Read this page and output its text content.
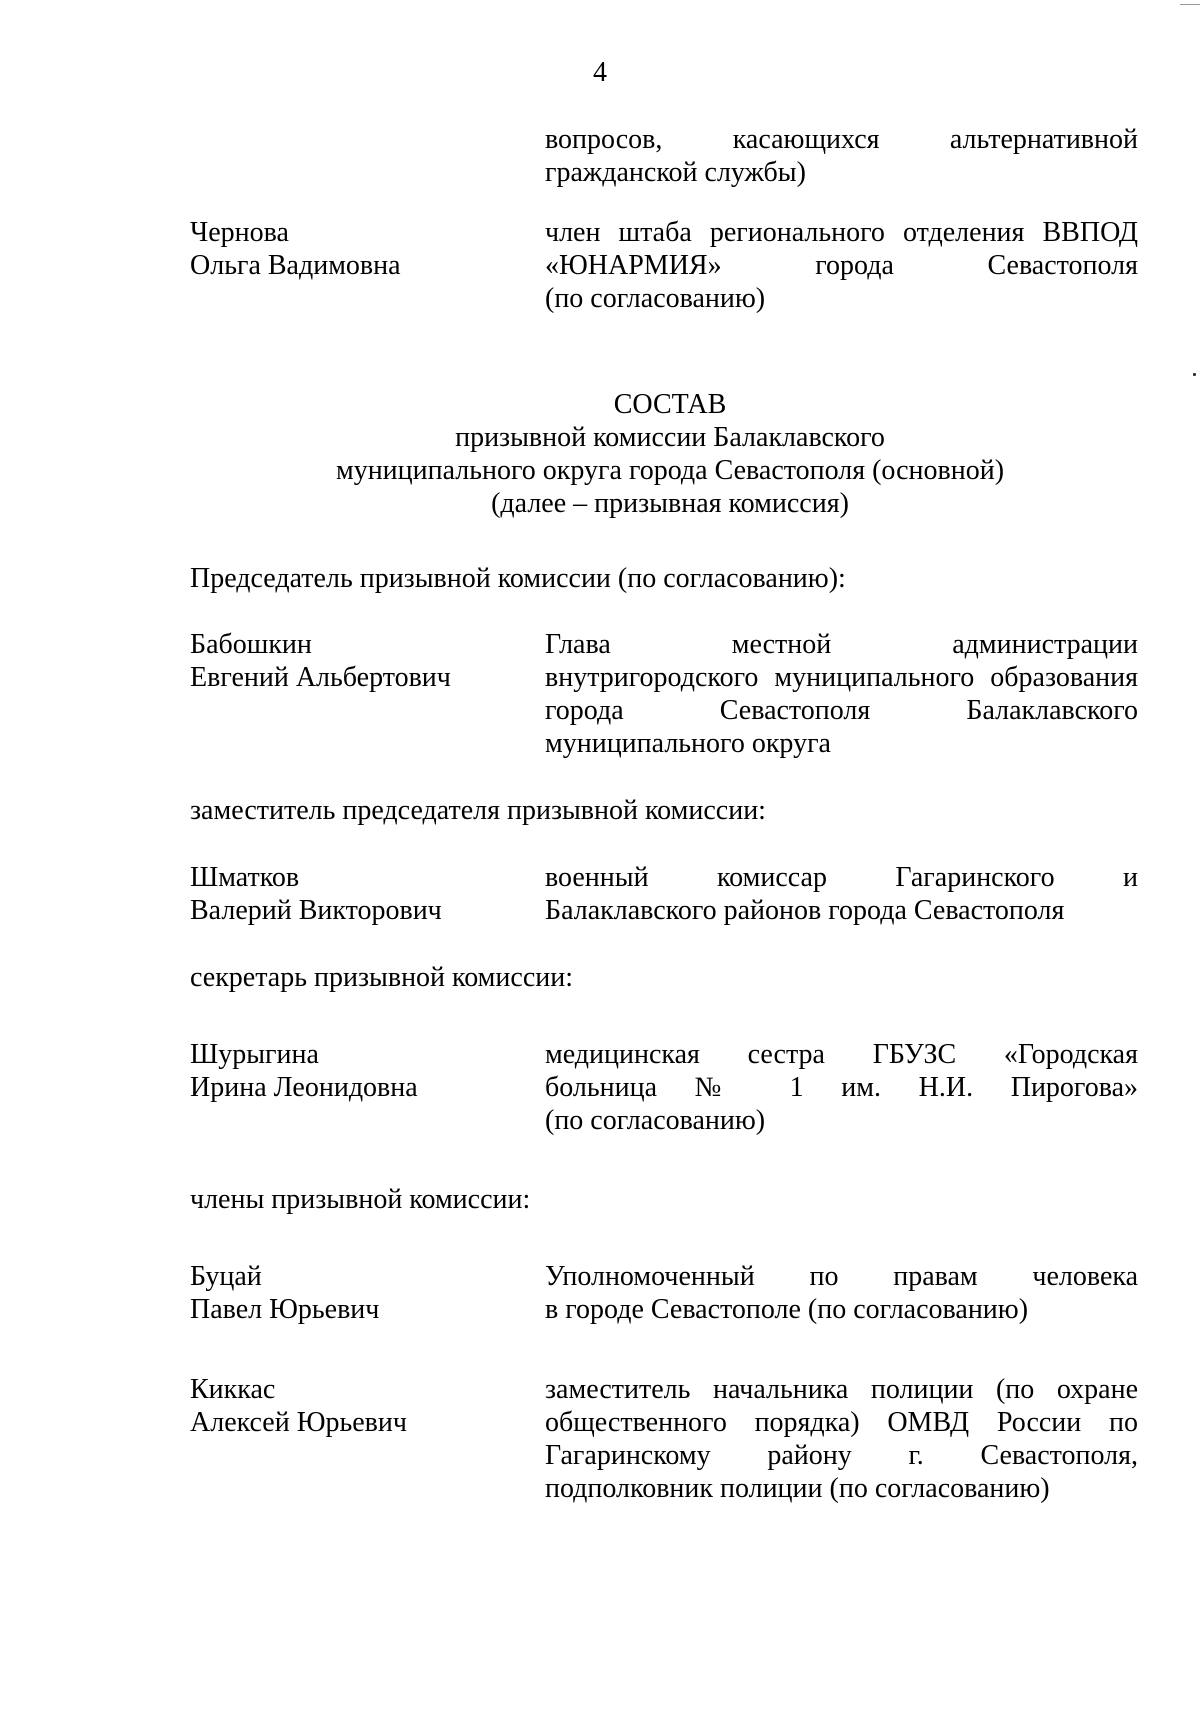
4
вопросов, касающихся альтернативной
гражданской службы)
Чернова
Ольга Вадимовна
член штаба регионального отделения ВВПОД
«ЮНАРМИЯ» города Севастополя
(по согласованию)
СОСТАВ
призывной комиссии Балаклавского
муниципального округа города Севастополя (основной)
(далее – призывная комиссия)
Председатель призывной комиссии (по согласованию):
Бабошкин
Евгений Альбертович
Глава местной администрации
внутригородского муниципального образования
города Севастополя Балаклавского
муниципального округа
заместитель председателя призывной комиссии:
Шматков
Валерий Викторович
военный комиссар Гагаринского и
Балаклавского районов города Севастополя
секретарь призывной комиссии:
Шурыгина
Ирина Леонидовна
медицинская сестра ГБУЗС «Городская
больница № 1 им. Н.И. Пирогова»
(по согласованию)
члены призывной комиссии:
Буцай
Павел Юрьевич
Уполномоченный по правам человека
в городе Севастополе (по согласованию)
Киккас
Алексей Юрьевич
заместитель начальника полиции (по охране
общественного порядка) ОМВД России по
Гагаринскому району г. Севастополя,
подполковник полиции (по согласованию)
